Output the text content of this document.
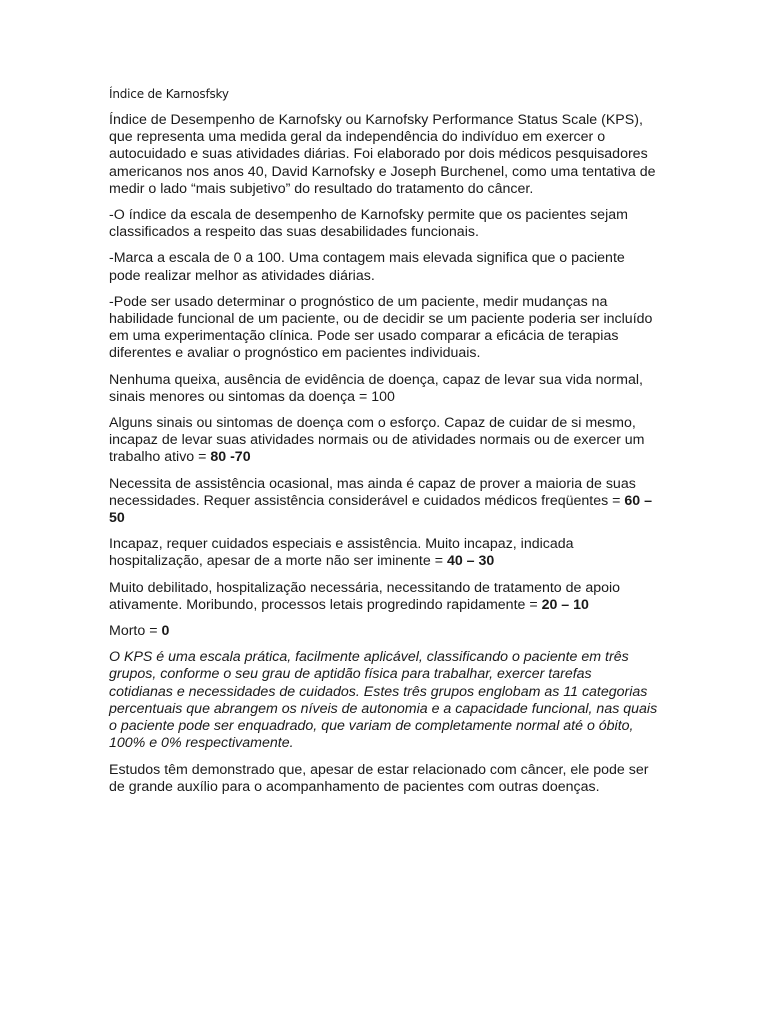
Índice de Karnosfsky

Índice de Desempenho de Karnofsky ou Karnofsky Performance Status Scale (KPS), que representa uma medida geral da independência do indivíduo em exercer o autocuidado e suas atividades diárias. Foi elaborado por dois médicos pesquisadores americanos nos anos 40, David Karnofsky e Joseph Burchenel, como uma tentativa de medir o lado “mais subjetivo” do resultado do tratamento do câncer.

-O índice da escala de desempenho de Karnofsky permite que os pacientes sejam classificados a respeito das suas desabilidades funcionais.

-Marca a escala de 0 a 100. Uma contagem mais elevada significa que o paciente pode realizar melhor as atividades diárias.

-Pode ser usado determinar o prognóstico de um paciente, medir mudanças na habilidade funcional de um paciente, ou de decidir se um paciente poderia ser incluído em uma experimentação clínica. Pode ser usado comparar a eficácia de terapias diferentes e avaliar o prognóstico em pacientes individuais.

Nenhuma queixa, ausência de evidência de doença, capaz de levar sua vida normal, sinais menores ou sintomas da doença = 100

Alguns sinais ou sintomas de doença com o esforço. Capaz de cuidar de si mesmo, incapaz de levar suas atividades normais ou de atividades normais ou de exercer um trabalho ativo = 80 -70

Necessita de assistência ocasional, mas ainda é capaz de prover a maioria de suas necessidades. Requer assistência considerável e cuidados médicos freqüentes = 60 – 50

Incapaz, requer cuidados especiais e assistência. Muito incapaz, indicada hospitalização, apesar de a morte não ser iminente = 40 – 30

Muito debilitado, hospitalização necessária, necessitando de tratamento de apoio ativamente. Moribundo, processos letais progredindo rapidamente = 20 – 10

Morto = 0

O KPS é uma escala prática, facilmente aplicável, classificando o paciente em três grupos, conforme o seu grau de aptidão física para trabalhar, exercer tarefas cotidianas e necessidades de cuidados. Estes três grupos englobam as 11 categorias percentuais que abrangem os níveis de autonomia e a capacidade funcional, nas quais o paciente pode ser enquadrado, que variam de completamente normal até o óbito, 100% e 0% respectivamente.

Estudos têm demonstrado que, apesar de estar relacionado com câncer, ele pode ser de grande auxílio para o acompanhamento de pacientes com outras doenças.
